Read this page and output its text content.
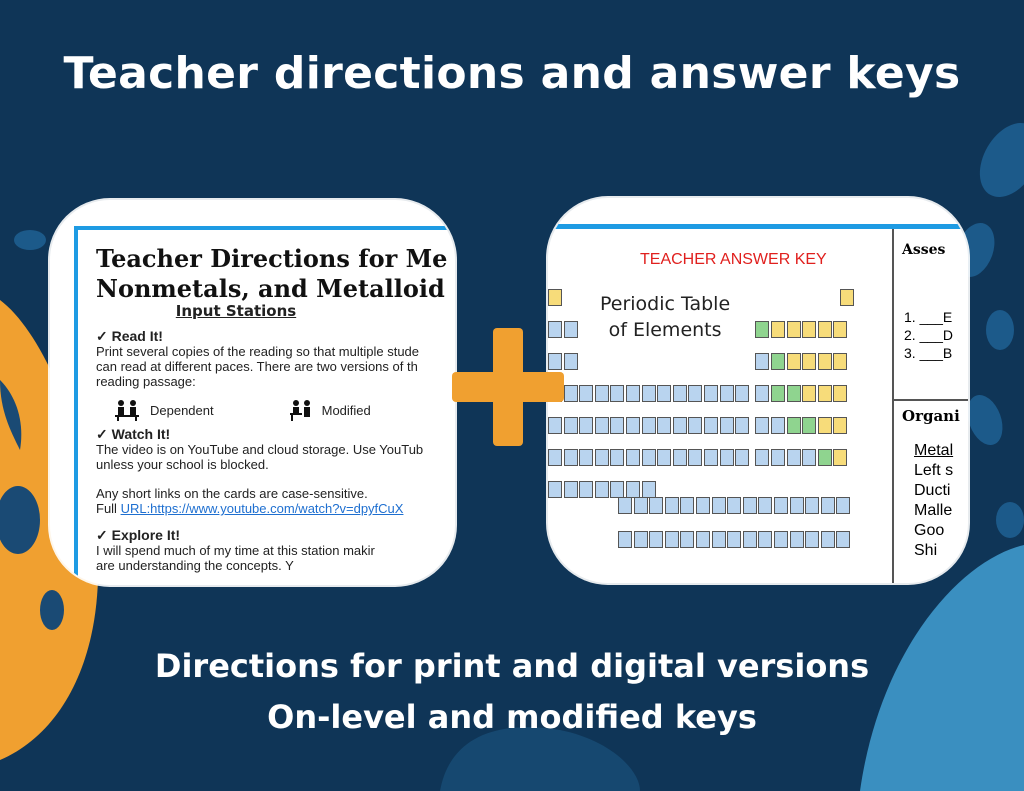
Teacher directions and answer keys
Teacher Directions for Me
Nonmetals, and Metalloid
Input Stations
✓ Read It!
Print several copies of the reading so that multiple stude
can read at different paces. There are two versions of th
reading passage:
Dependent	Modified
✓ Watch It!
The video is on YouTube and cloud storage. Use YouTub
unless your school is blocked.
Any short links on the cards are case-sensitive.
Full URL:https://www.youtube.com/watch?v=dpyfCuX
✓ Explore It!
I will spend much of my time at this station makir
are understanding the concepts. Y
TEACHER ANSWER KEY
Periodic Table
of Elements
Asses
1. ___E
2. ___D
3. ___B
Organi
Metal
Left s
Ducti
Malle
Goo
Shi
Directions for print and digital versions
On-level and modified keys
